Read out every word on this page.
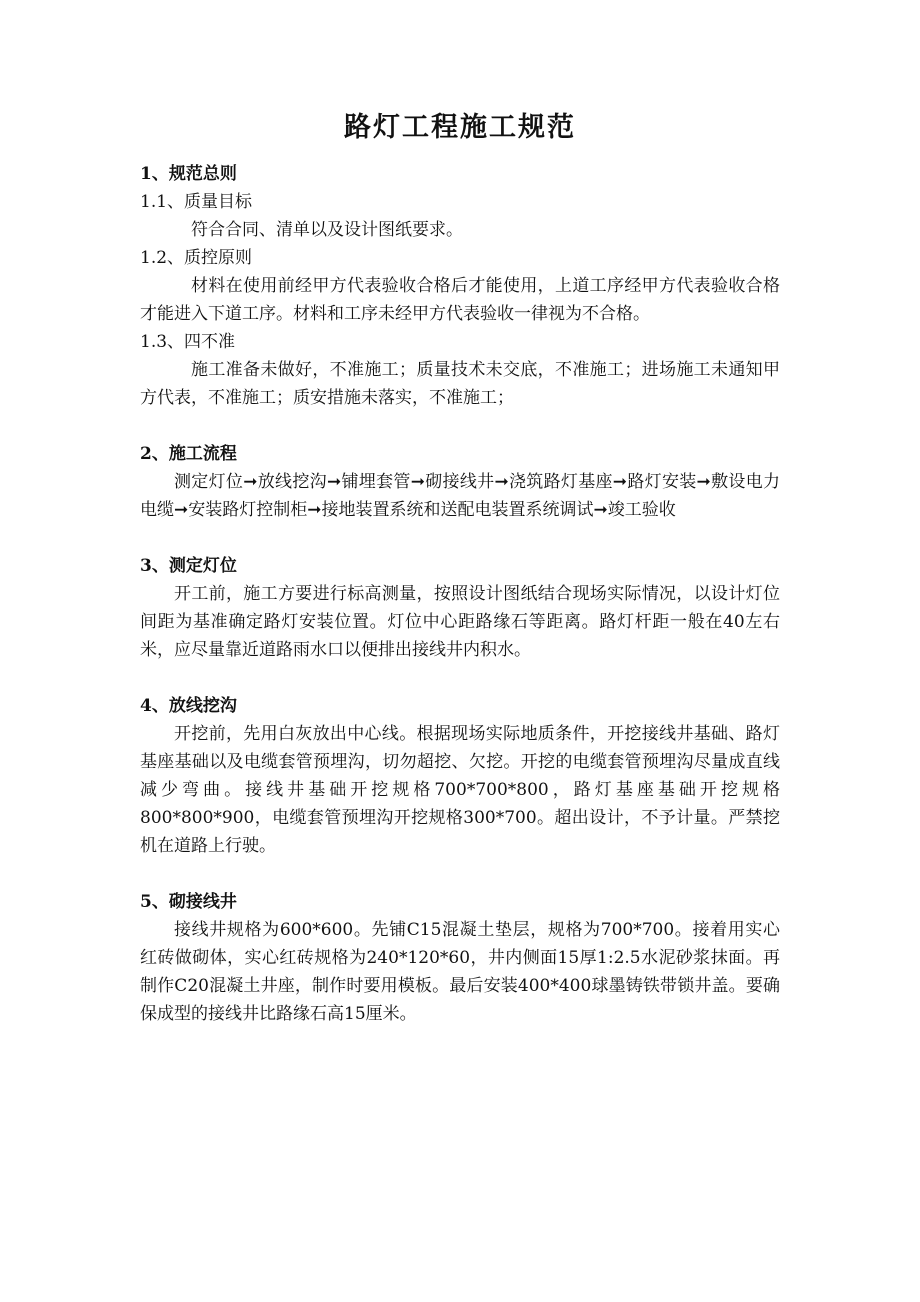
路灯工程施工规范
1、规范总则
1.1、质量目标

符合合同、清单以及设计图纸要求。

1.2、质控原则

材料在使用前经甲方代表验收合格后才能使用，上道工序经甲方代表验收合格才能进入下道工序。材料和工序未经甲方代表验收一律视为不合格。

1.3、四不准

施工准备未做好，不准施工；质量技术未交底，不准施工；进场施工未通知甲方代表，不准施工；质安措施未落实，不准施工；

2、施工流程

测定灯位➞放线挖沟➞铺埋套管➞砌接线井➞浇筑路灯基座➞路灯安装➞敷设电力电缆➞安装路灯控制柜➞接地装置系统和送配电装置系统调试➞竣工验收

3、测定灯位

开工前，施工方要进行标高测量，按照设计图纸结合现场实际情况，以设计灯位间距为基准确定路灯安装位置。灯位中心距路缘石等距离。路灯杆距一般在40左右米，应尽量靠近道路雨水口以便排出接线井内积水。

4、放线挖沟

开挖前，先用白灰放出中心线。根据现场实际地质条件，开挖接线井基础、路灯基座基础以及电缆套管预埋沟，切勿超挖、欠挖。开挖的电缆套管预埋沟尽量成直线减少弯曲。接线井基础开挖规格700*700*800，路灯基座基础开挖规格800*800*900，电缆套管预埋沟开挖规格300*700。超出设计，不予计量。严禁挖机在道路上行驶。

5、砌接线井

接线井规格为600*600。先铺C15混凝土垫层，规格为700*700。接着用实心红砖做砌体，实心红砖规格为240*120*60，井内侧面15厚1:2.5水泥砂浆抹面。再制作C20混凝土井座，制作时要用模板。最后安装400*400球墨铸铁带锁井盖。要确保成型的接线井比路缘石高15厘米。
